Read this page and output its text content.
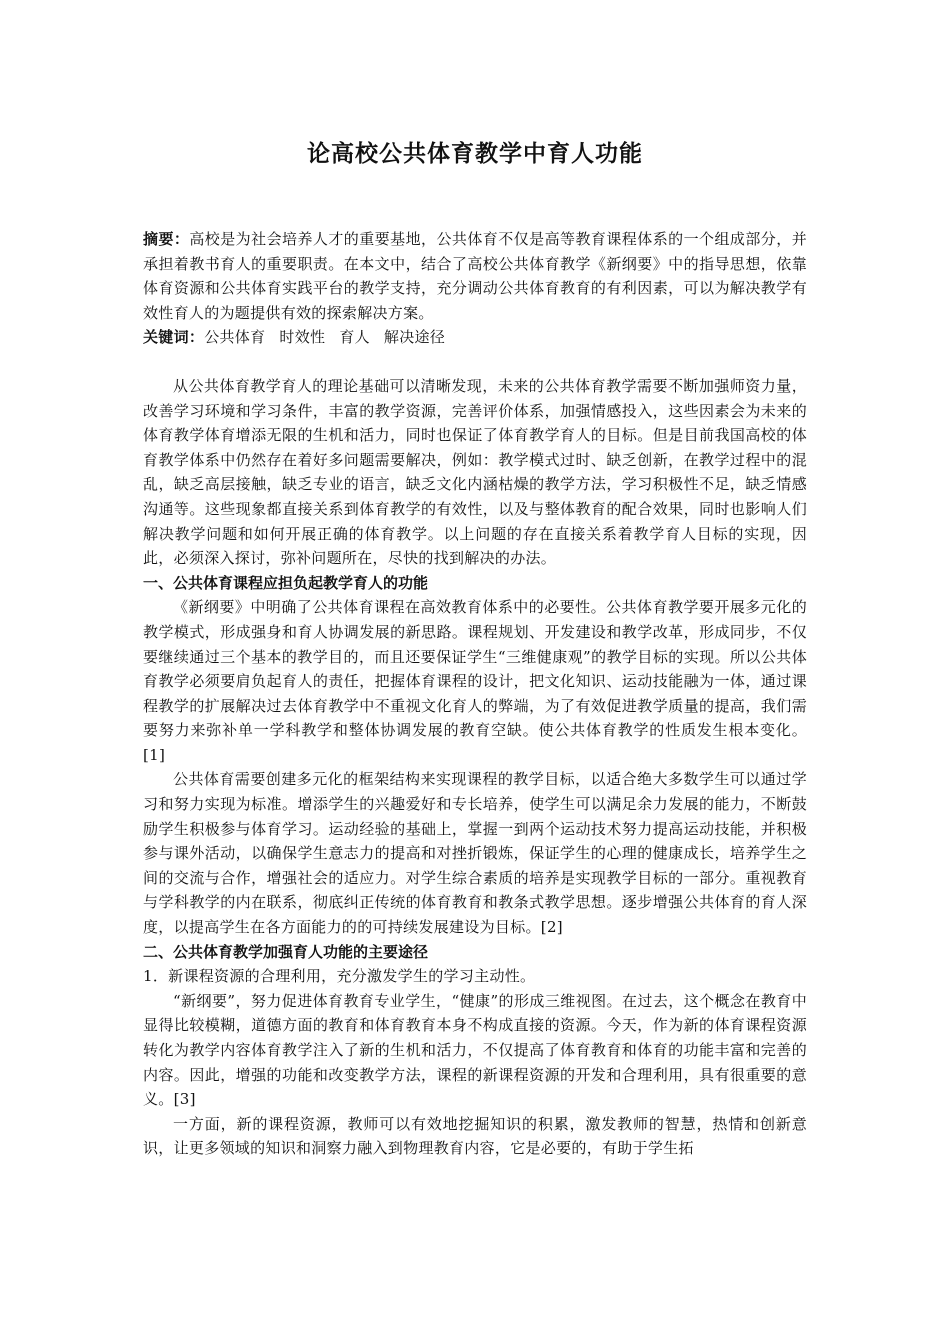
论高校公共体育教学中育人功能

摘要：高校是为社会培养人才的重要基地，公共体育不仅是高等教育课程体系的一个组成部分，并承担着教书育人的重要职责。在本文中，结合了高校公共体育教学《新纲要》中的指导思想，依靠体育资源和公共体育实践平台的教学支持，充分调动公共体育教育的有利因素，可以为解决教学有效性育人的为题提供有效的探索解决方案。

关键词：公共体育 时效性 育人 解决途径

从公共体育教学育人的理论基础可以清晰发现，未来的公共体育教学需要不断加强师资力量，改善学习环境和学习条件，丰富的教学资源，完善评价体系，加强情感投入，这些因素会为未来的体育教学体育增添无限的生机和活力，同时也保证了体育教学育人的目标。但是目前我国高校的体育教学体系中仍然存在着好多问题需要解决，例如：教学模式过时、缺乏创新，在教学过程中的混乱，缺乏高层接触，缺乏专业的语言，缺乏文化内涵枯燥的教学方法，学习积极性不足，缺乏情感沟通等。这些现象都直接关系到体育教学的有效性，以及与整体教育的配合效果，同时也影响人们解决教学问题和如何开展正确的体育教学。以上问题的存在直接关系着教学育人目标的实现，因此，必须深入探讨，弥补问题所在，尽快的找到解决的办法。

一、公共体育课程应担负起教学育人的功能

《新纲要》中明确了公共体育课程在高效教育体系中的必要性。公共体育教学要开展多元化的教学模式，形成强身和育人协调发展的新思路。课程规划、开发建设和教学改革，形成同步，不仅要继续通过三个基本的教学目的，而且还要保证学生“三维健康观”的教学目标的实现。所以公共体育教学必须要肩负起育人的责任，把握体育课程的设计，把文化知识、运动技能融为一体，通过课程教学的扩展解决过去体育教学中不重视文化育人的弊端，为了有效促进教学质量的提高，我们需要努力来弥补单一学科教学和整体协调发展的教育空缺。使公共体育教学的性质发生根本变化。[1]

公共体育需要创建多元化的框架结构来实现课程的教学目标，以适合绝大多数学生可以通过学习和努力实现为标准。增添学生的兴趣爱好和专长培养，使学生可以满足余力发展的能力，不断鼓励学生积极参与体育学习。运动经验的基础上，掌握一到两个运动技术努力提高运动技能，并积极参与课外活动，以确保学生意志力的提高和对挫折锻炼，保证学生的心理的健康成长，培养学生之间的交流与合作，增强社会的适应力。对学生综合素质的培养是实现教学目标的一部分。重视教育与学科教学的内在联系，彻底纠正传统的体育教育和教条式教学思想。逐步增强公共体育的育人深度，以提高学生在各方面能力的的可持续发展建设为目标。[2]

二、公共体育教学加强育人功能的主要途径

1．新课程资源的合理利用，充分激发学生的学习主动性。

“新纲要”，努力促进体育教育专业学生，“健康”的形成三维视图。在过去，这个概念在教育中显得比较模糊，道德方面的教育和体育教育本身不构成直接的资源。今天，作为新的体育课程资源转化为教学内容体育教学注入了新的生机和活力，不仅提高了体育教育和体育的功能丰富和完善的内容。因此，增强的功能和改变教学方法，课程的新课程资源的开发和合理利用，具有很重要的意义。[3]

一方面，新的课程资源，教师可以有效地挖掘知识的积累，激发教师的智慧，热情和创新意识，让更多领域的知识和洞察力融入到物理教育内容，它是必要的，有助于学生拓
